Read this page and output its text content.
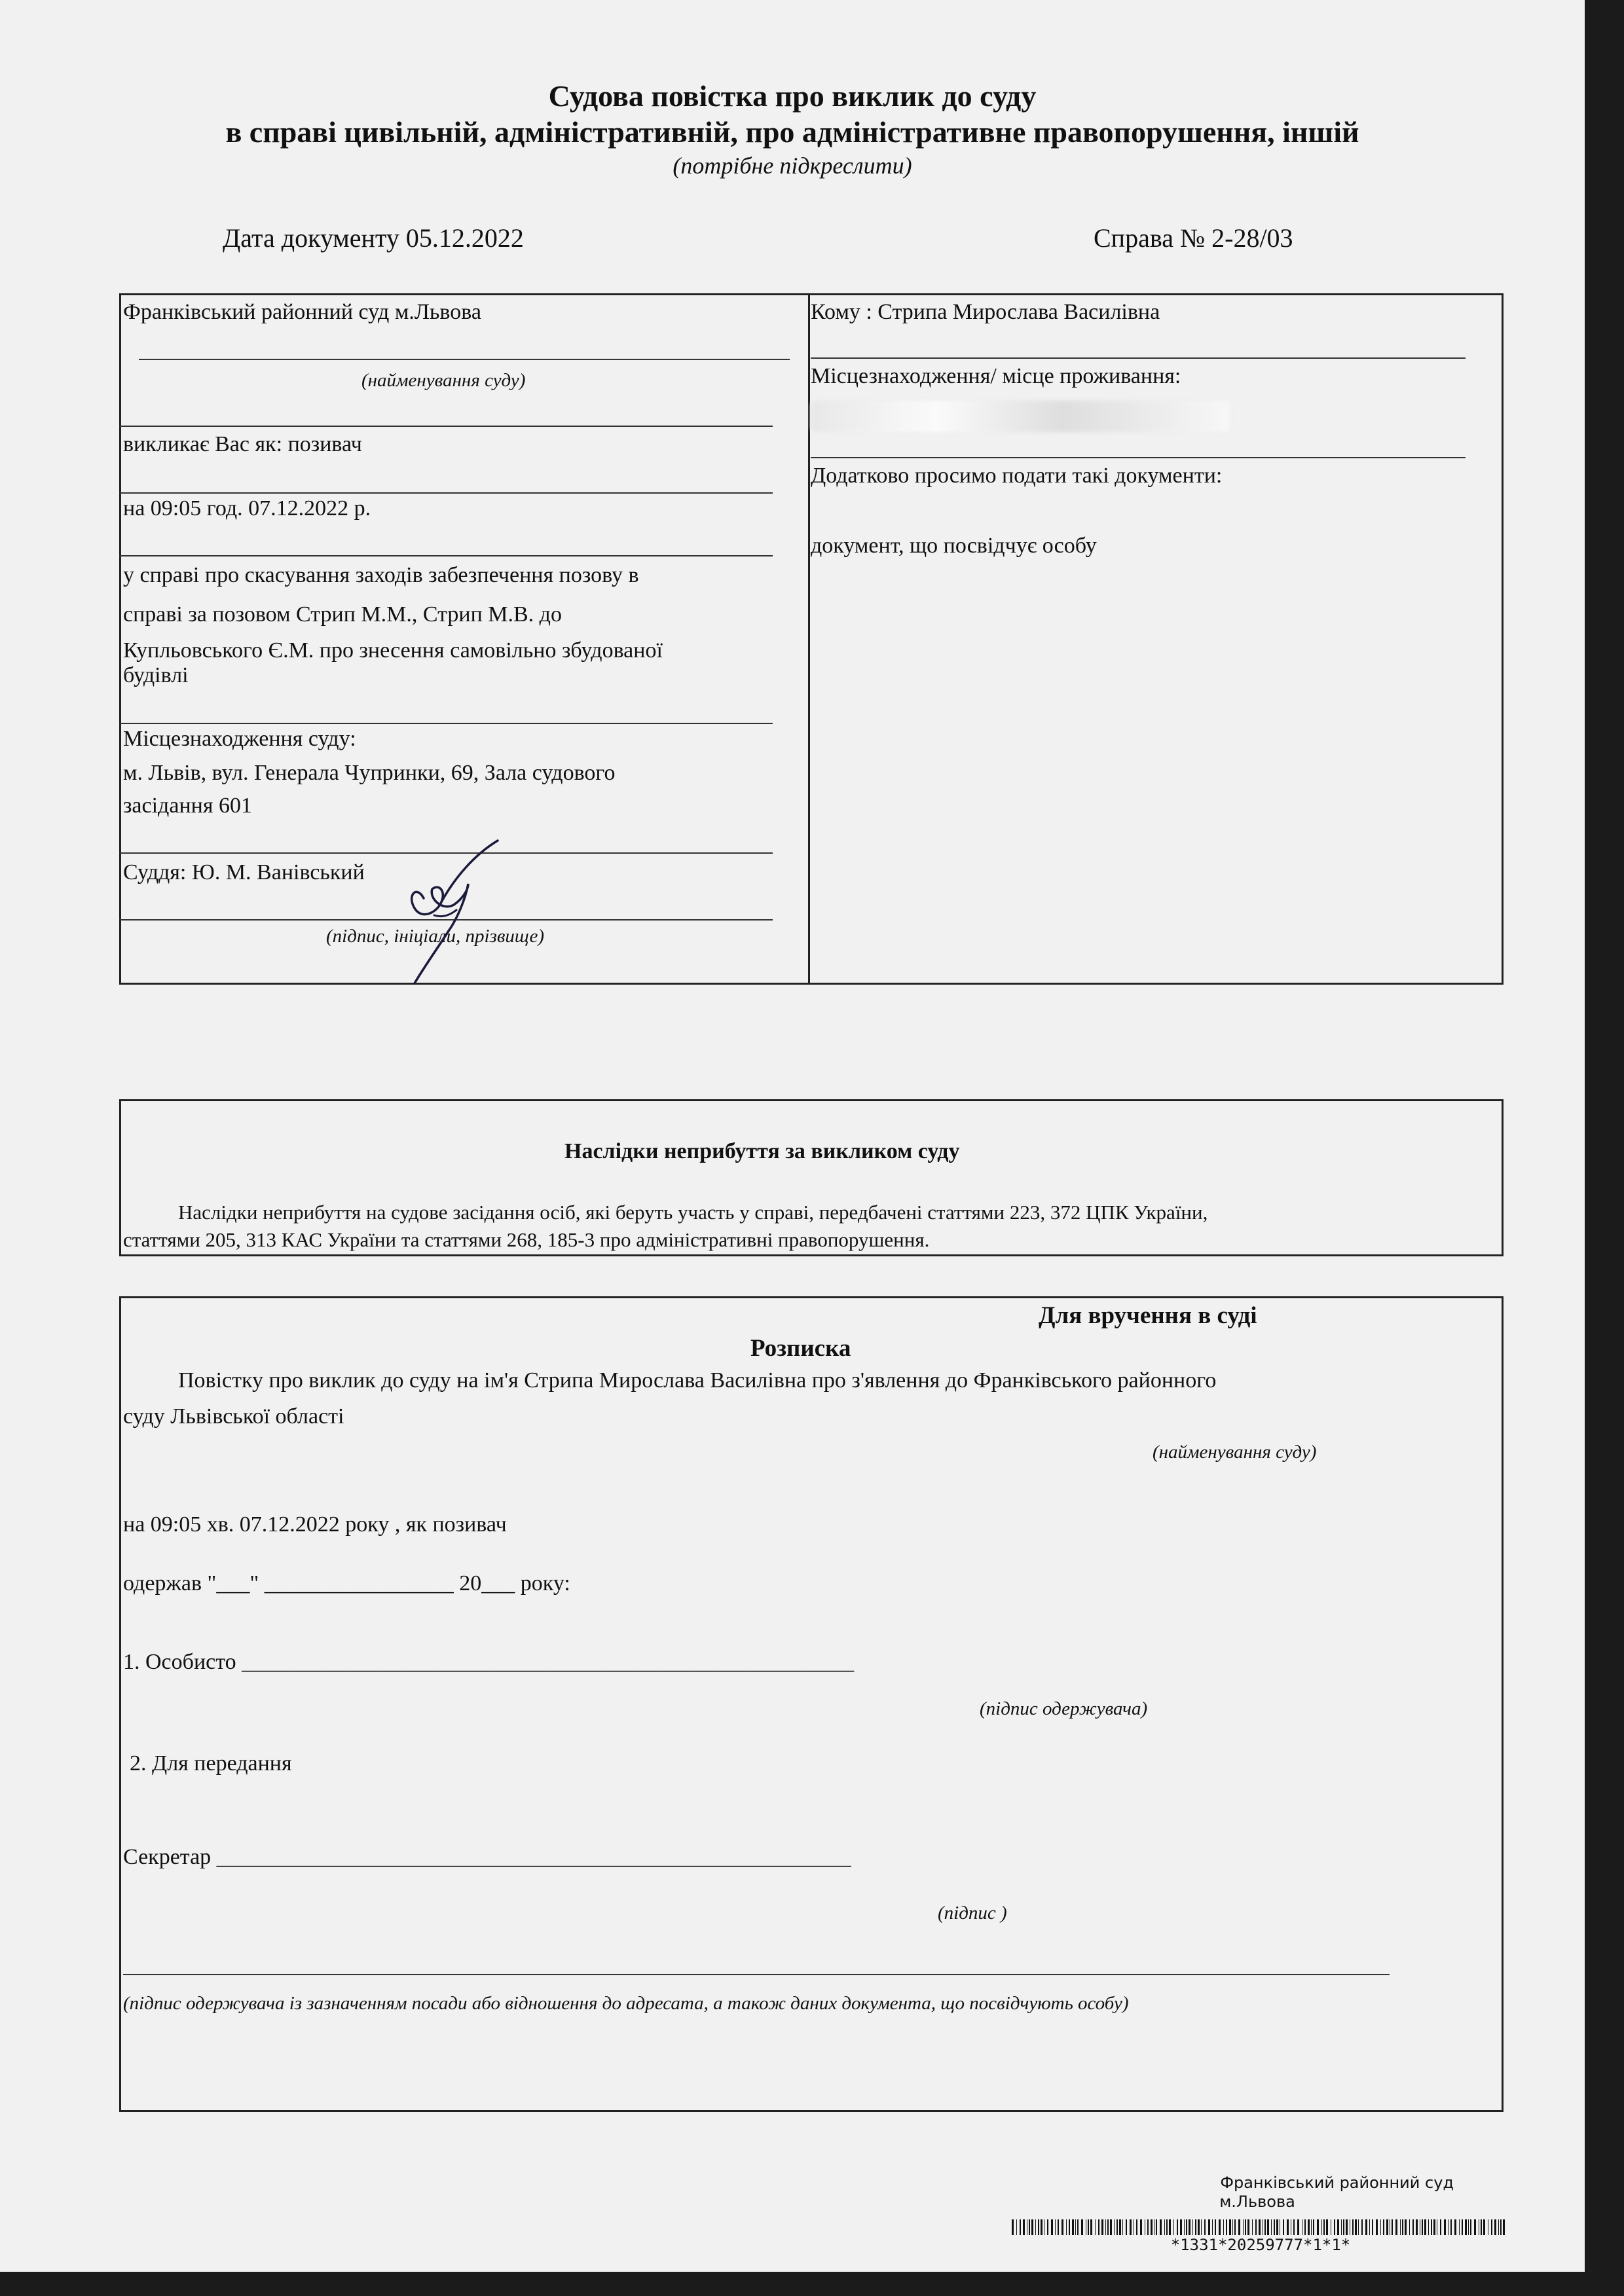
Судова повістка про виклик до суду
в справі цивільній, адміністративній, про адміністративне правопорушення, іншій
(потрібне підкреслити)
Дата документу 05.12.2022	Справа № 2-28/03
Франківський районний суд м.Львова
(найменування суду)
викликає Вас як: позивач
на 09:05 год. 07.12.2022 р.
у справі про скасування заходів забезпечення позову в
справі за позовом Стрип М.М., Стрип М.В. до
Купльовського Є.М. про знесення самовільно збудованої
будівлі
Місцезнаходження суду:
м. Львів, вул. Генерала Чупринки, 69, Зала судового
засідання 601
Суддя: Ю. М. Ванівський
(підпис, ініціали, прізвище)
Кому : Стрипа Мирослава Василівна
Місцезнаходження/ місце проживання:
Додатково просимо подати такі документи:
документ, що посвідчує особу
Наслідки неприбуття за викликом суду
Наслідки неприбуття на судове засідання осіб, які беруть участь у справі, передбачені статтями 223, 372 ЦПК України,
статтями 205, 313 КАС України та статтями 268, 185-3 про адміністративні правопорушення.
Для вручення в суді
Розписка
Повістку про виклик до суду на ім'я Стрипа Мирослава Василівна про з'явлення до Франківського районного
суду Львівської області
(найменування суду)
на 09:05 хв. 07.12.2022 року , як позивач
одержав "___" _________________ 20___ року:
1. Особисто _______________________________________________________
(підпис одержувача)
2. Для передання
Секретар _________________________________________________________
(підпис )
(підпис одержувача із зазначенням посади або відношення до адресата, а також даних документа, що посвідчують особу)
Франківський районний суд
м.Львова
*1331*20259777*1*1*
